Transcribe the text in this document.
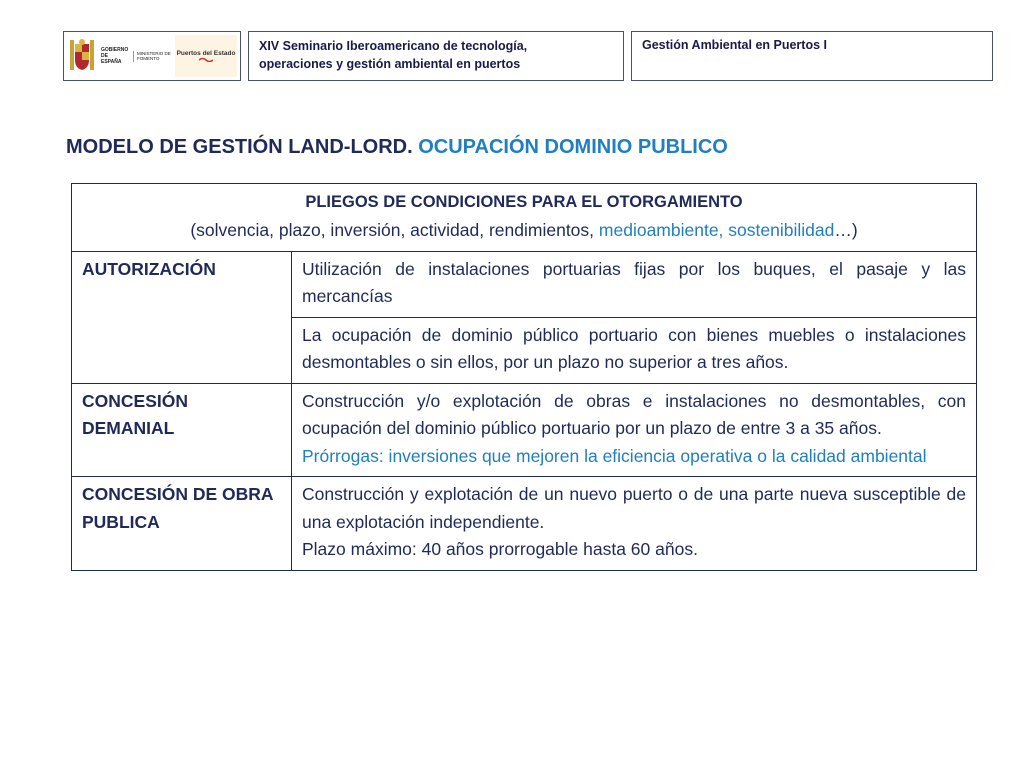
GOBIERNO DE ESPAÑA
MINISTERIO DE FOMENTO
Puertos del Estado
XIV Seminario Iberoamericano de tecnología,
operaciones y gestión ambiental en puertos
Gestión Ambiental en Puertos I
MODELO DE GESTIÓN LAND-LORD. OCUPACIÓN DOMINIO PUBLICO
PLIEGOS DE CONDICIONES PARA EL OTORGAMIENTO
(solvencia, plazo, inversión, actividad, rendimientos, medioambiente, sostenibilidad…)	

AUTORIZACIÓN	Utilización de instalaciones portuarias fijas por los buques, el pasaje y las mercancías
	La ocupación de dominio público portuario con bienes muebles o instalaciones desmontables o sin ellos, por un plazo no superior a tres años.
CONCESIÓN DEMANIAL	Construcción y/o explotación de obras e instalaciones no desmontables, con ocupación del dominio público portuario por un plazo de entre 3 a 35 años.
Prórrogas: inversiones que mejoren la eficiencia operativa o la calidad ambiental

CONCESIÓN DE OBRA PUBLICA	Construcción y explotación de un nuevo puerto o de una parte nueva susceptible de una explotación independiente.
Plazo máximo: 40 años prorrogable hasta 60 años.
